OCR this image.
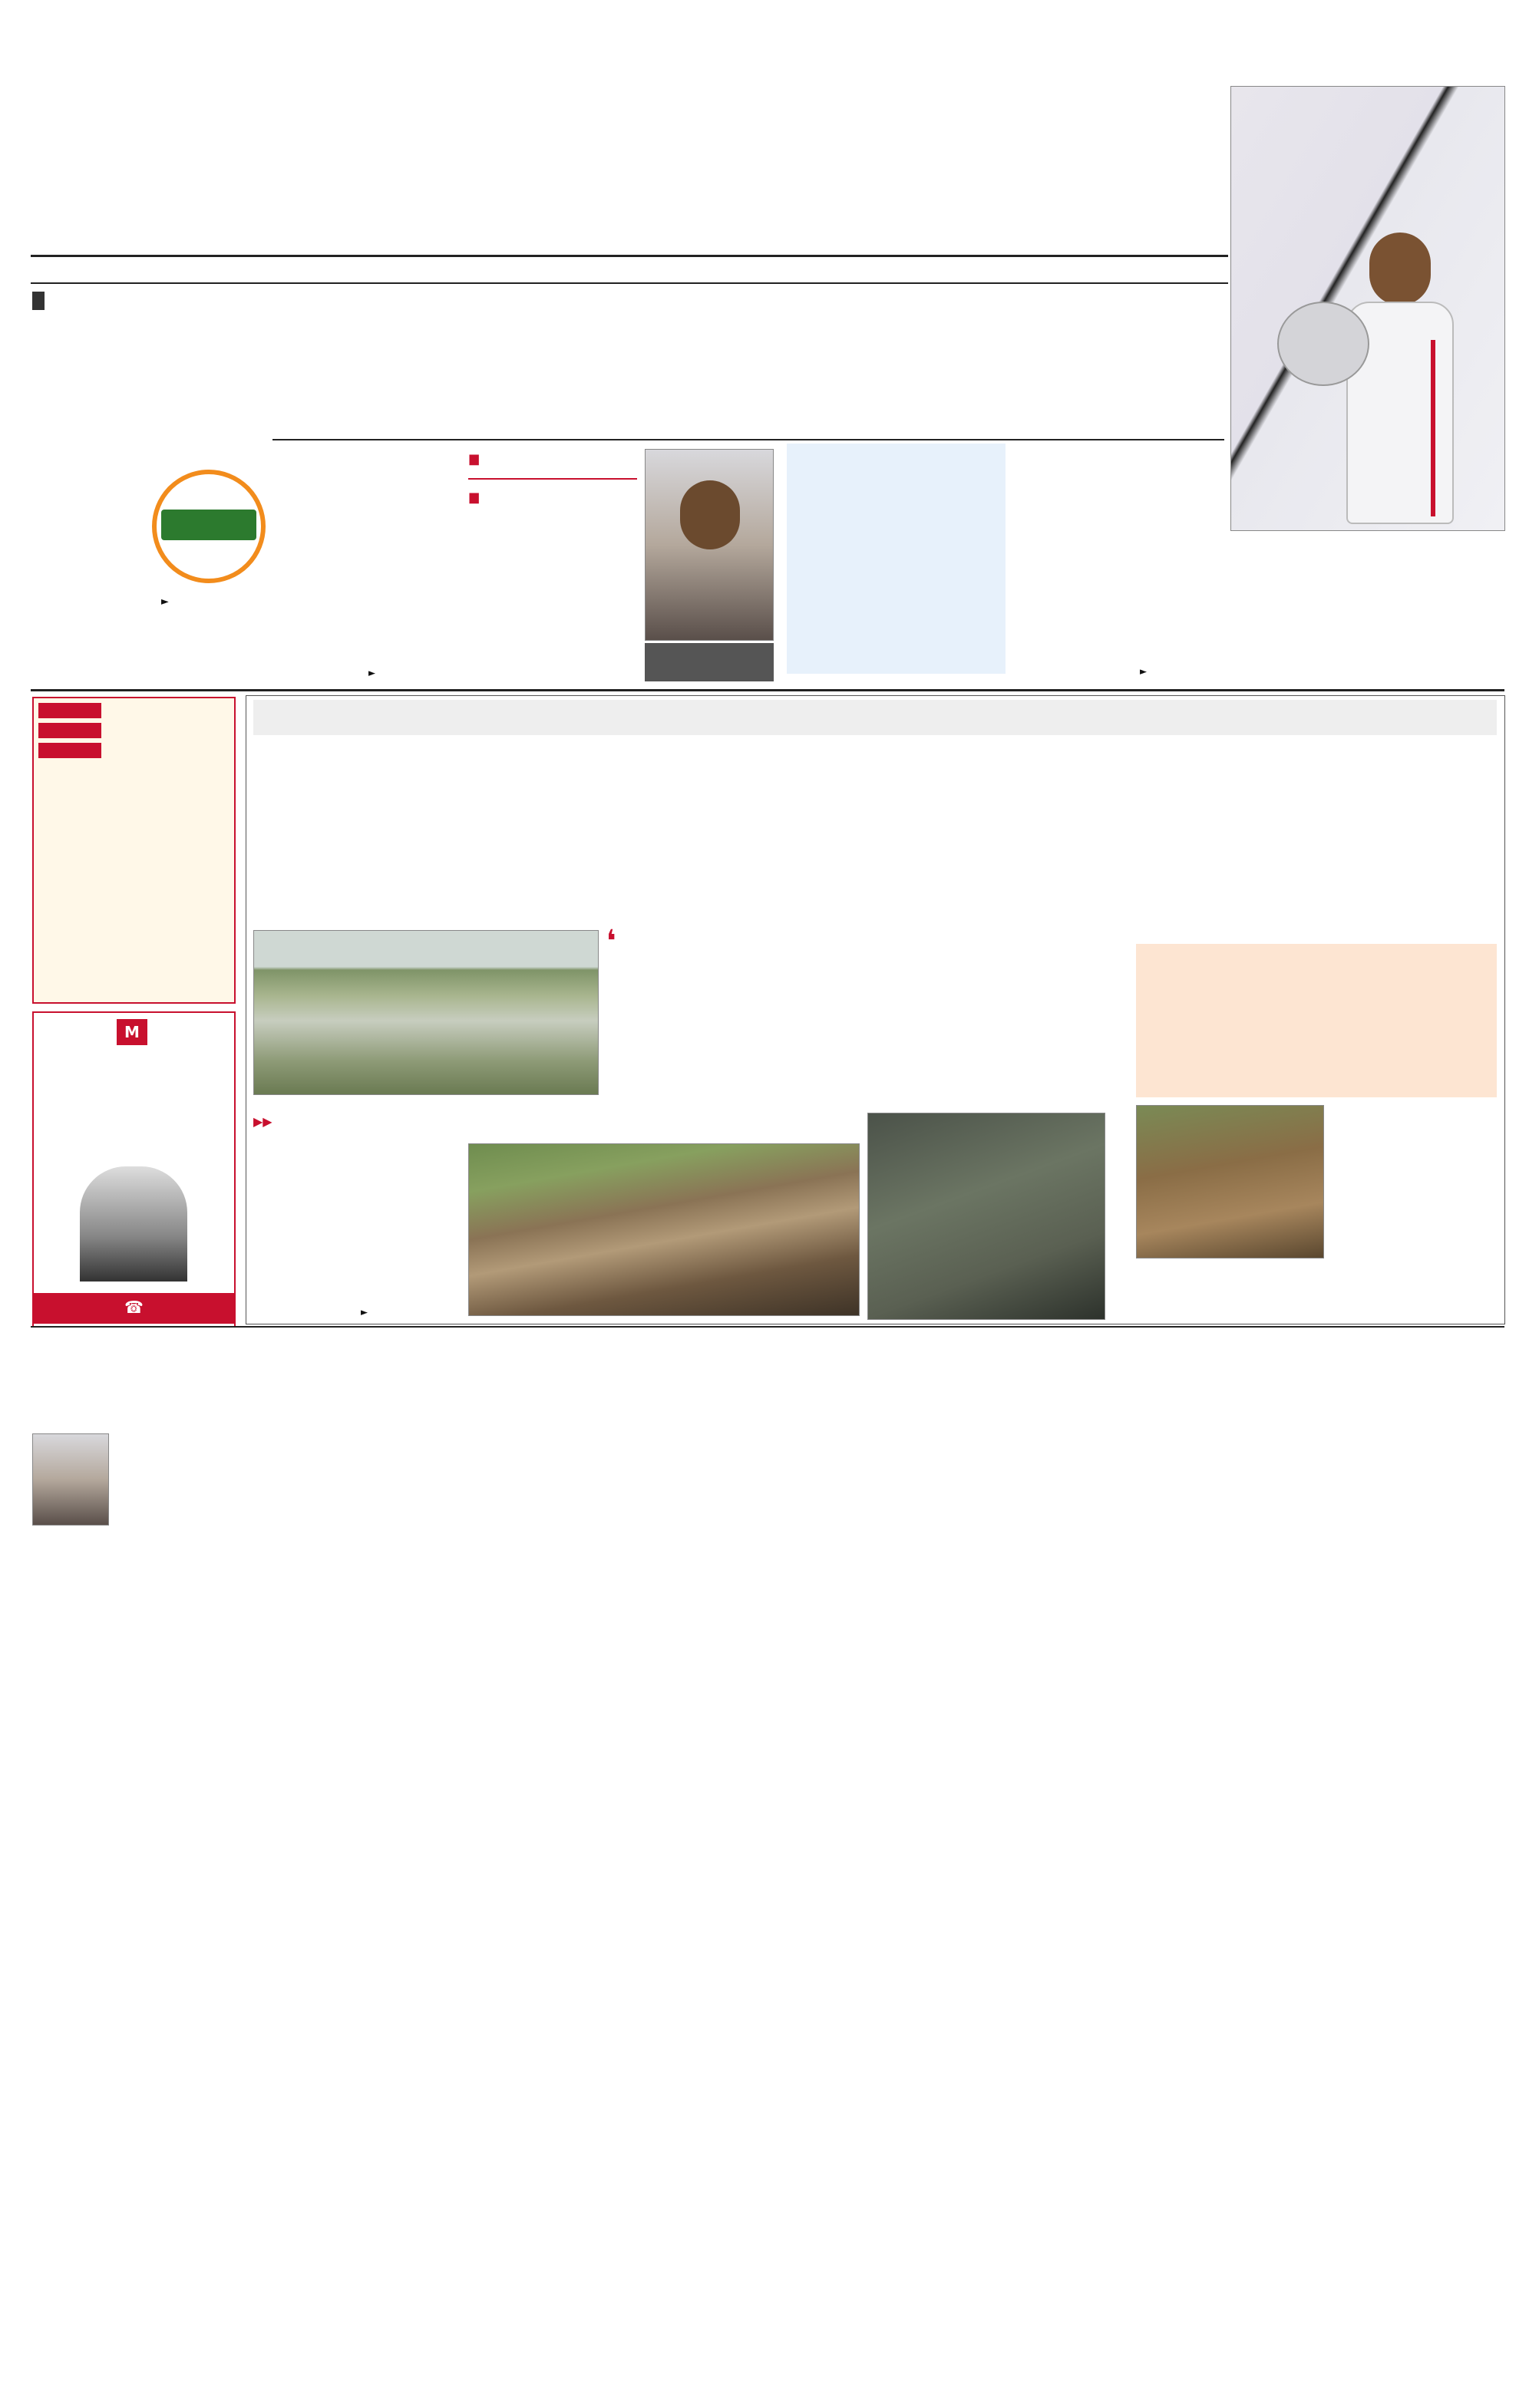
►
►
■
■
►

M
☎
❛
▶▶
►
